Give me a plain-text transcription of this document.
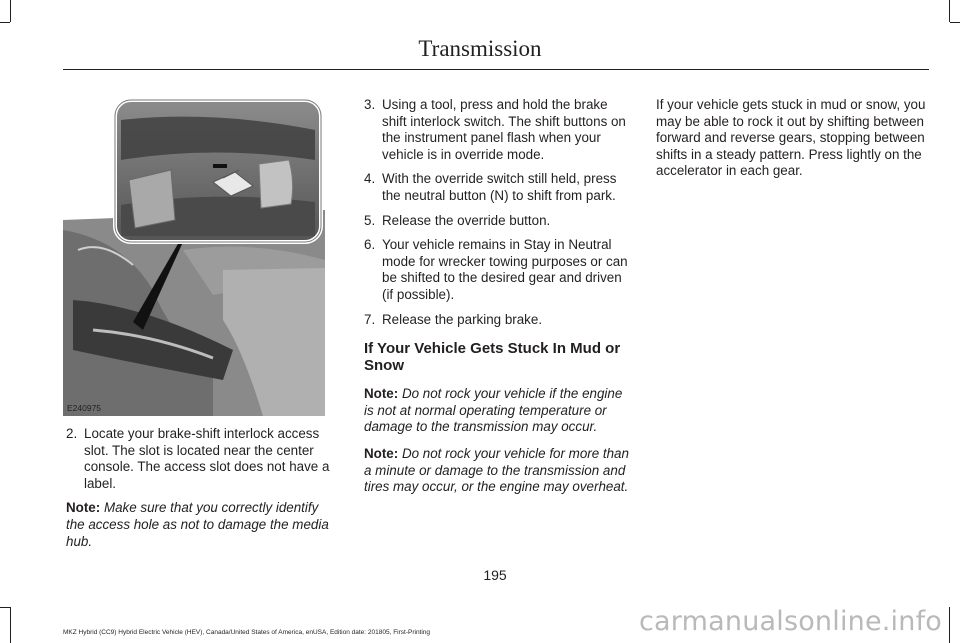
Transmission
E240975
2. Locate your brake-shift interlock access slot. The slot is located near the center console. The access slot does not have a label.

Note: Make sure that you correctly identify the access hole as not to damage the media hub.

3. Using a tool, press and hold the brake shift interlock switch. The shift buttons on the instrument panel flash when your vehicle is in override mode.
4. With the override switch still held, press the neutral button (N) to shift from park.
5. Release the override button.
6. Your vehicle remains in Stay in Neutral mode for wrecker towing purposes or can be shifted to the desired gear and driven (if possible).
7. Release the parking brake.
If Your Vehicle Gets Stuck In Mud or Snow

Note: Do not rock your vehicle if the engine is not at normal operating temperature or damage to the transmission may occur.

Note: Do not rock your vehicle for more than a minute or damage to the transmission and tires may occur, or the engine may overheat.

If your vehicle gets stuck in mud or snow, you may be able to rock it out by shifting between forward and reverse gears, stopping between shifts in a steady pattern. Press lightly on the accelerator in each gear.

195
MKZ Hybrid (CC9) Hybrid Electric Vehicle (HEV), Canada/United States of America, enUSA, Edition date: 201805, First-Printing	carmanualsonline.info
